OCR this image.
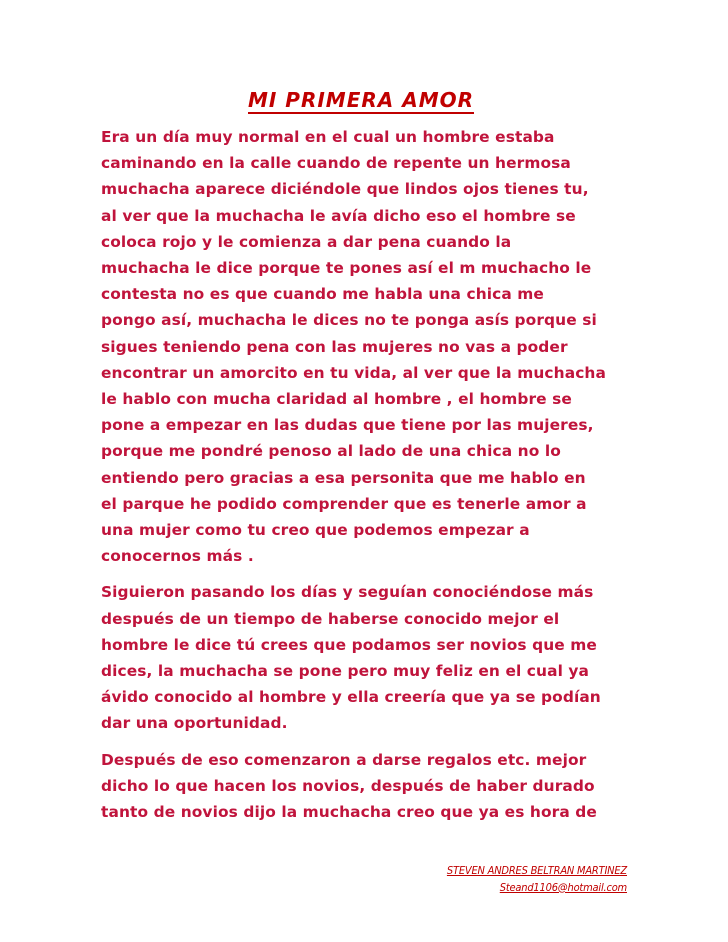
MI PRIMERA AMOR

Era un día muy normal en el cual un hombre estaba
caminando en la calle cuando de repente un hermosa
muchacha aparece diciéndole que lindos ojos tienes tu,
al ver que la muchacha le avía dicho eso el hombre se
coloca rojo y le comienza a dar pena cuando la
muchacha le dice porque te pones así el m muchacho le
contesta no es que cuando me habla una chica me
pongo así, muchacha le dices no te ponga asís porque si
sigues teniendo pena con las mujeres no vas a poder
encontrar un amorcito en tu vida, al ver que la muchacha
le hablo con mucha claridad al hombre , el hombre se
pone a empezar en las dudas que tiene por las mujeres,
porque me pondré penoso al lado de una chica no lo
entiendo pero gracias a esa personita que me hablo en
el parque he podido comprender que es tenerle amor a
una mujer como tu creo que podemos empezar a
conocernos más .

Siguieron pasando los días y seguían conociéndose más
después de un tiempo de haberse conocido mejor el
hombre le dice tú crees que podamos ser novios que me
dices, la muchacha se pone pero muy feliz en el cual ya
ávido conocido al hombre y ella creería que ya se podían
dar una oportunidad.

Después de eso comenzaron a darse regalos etc. mejor
dicho lo que hacen los novios, después de haber durado
tanto de novios dijo la muchacha creo que ya es hora de

STEVEN ANDRES BELTRAN MARTINEZ
Steand1106@hotmail.com
